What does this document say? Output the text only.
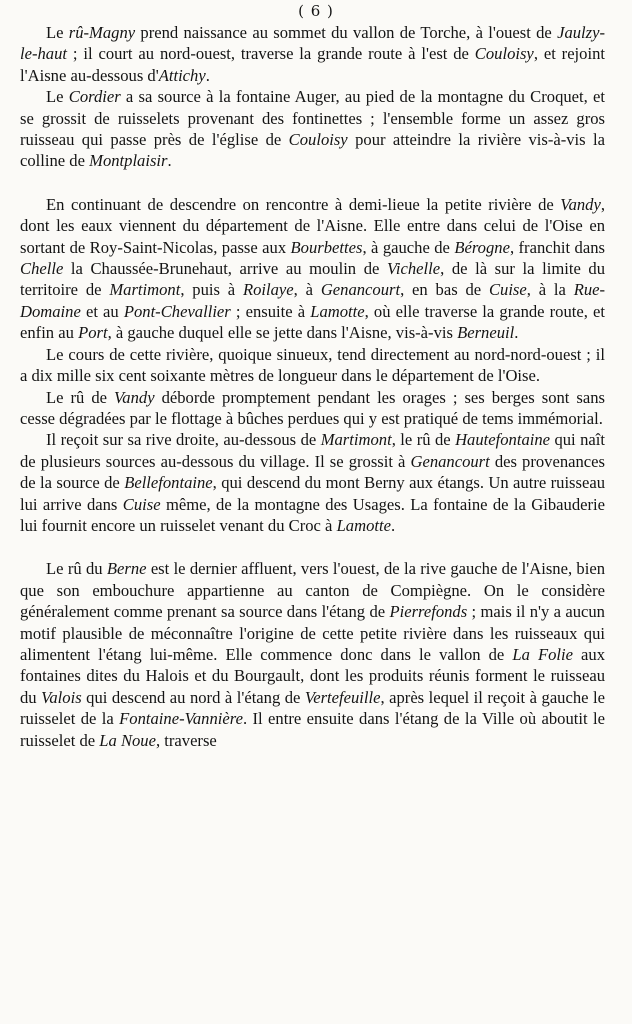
( 6 )

Le rû-Magny prend naissance au sommet du vallon de Torche, à l'ouest de Jaulzy-le-haut ; il court au nord-ouest, traverse la grande route à l'est de Couloisy, et rejoint l'Aisne au-dessous d'Attichy.

Le Cordier a sa source à la fontaine Auger, au pied de la montagne du Croquet, et se grossit de ruisselets provenant des fontinettes ; l'ensemble forme un assez gros ruisseau qui passe près de l'église de Couloisy pour atteindre la rivière vis-à-vis la colline de Montplaisir.

En continuant de descendre on rencontre à demi-lieue la petite rivière de Vandy, dont les eaux viennent du département de l'Aisne. Elle entre dans celui de l'Oise en sortant de Roy-Saint-Nicolas, passe aux Bourbettes, à gauche de Bérogne, franchit dans Chelle la Chaussée-Brunehaut, arrive au moulin de Vichelle, de là sur la limite du territoire de Martimont, puis à Roilaye, à Genancourt, en bas de Cuise, à la Rue-Domaine et au Pont-Chevallier ; ensuite à Lamotte, où elle traverse la grande route, et enfin au Port, à gauche duquel elle se jette dans l'Aisne, vis-à-vis Berneuil.

Le cours de cette rivière, quoique sinueux, tend directement au nord-nord-ouest ; il a dix mille six cent soixante mètres de longueur dans le département de l'Oise.

Le rû de Vandy déborde promptement pendant les orages ; ses berges sont sans cesse dégradées par le flottage à bûches perdues qui y est pratiqué de tems immémorial.

Il reçoit sur sa rive droite, au-dessous de Martimont, le rû de Hautefontaine qui naît de plusieurs sources au-dessous du village. Il se grossit à Genancourt des provenances de la source de Bellefontaine, qui descend du mont Berny aux étangs. Un autre ruisseau lui arrive dans Cuise même, de la montagne des Usages. La fontaine de la Gibauderie lui fournit encore un ruisselet venant du Croc à Lamotte.

Le rû du Berne est le dernier affluent, vers l'ouest, de la rive gauche de l'Aisne, bien que son embouchure appartienne au canton de Compiègne. On le considère généralement comme prenant sa source dans l'étang de Pierrefonds ; mais il n'y a aucun motif plausible de méconnaître l'origine de cette petite rivière dans les ruisseaux qui alimentent l'étang lui-même. Elle commence donc dans le vallon de La Folie aux fontaines dites du Halois et du Bourgault, dont les produits réunis forment le ruisseau du Valois qui descend au nord à l'étang de Vertefeuille, après lequel il reçoit à gauche le ruisselet de la Fontaine-Vannière. Il entre ensuite dans l'étang de la Ville où aboutit le ruisselet de La Noue, traverse
